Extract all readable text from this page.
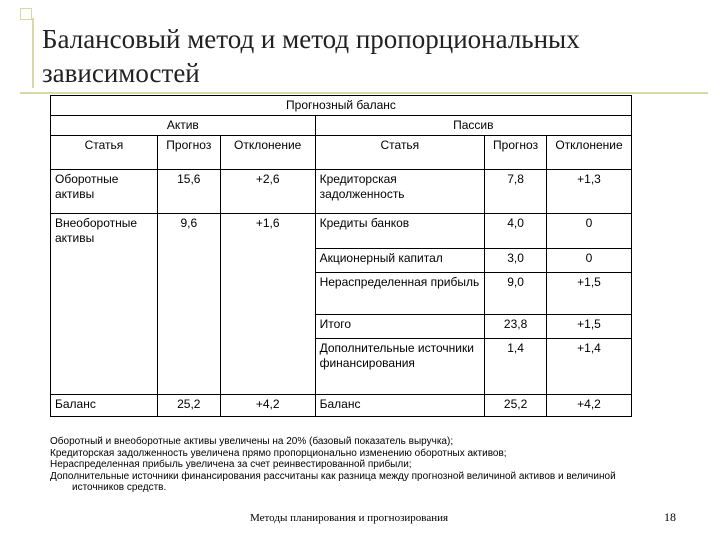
Балансовый метод и метод пропорциональных зависимостей
Прогнозный баланс					
Актив			Пассив		
Статья	Прогноз	Отклонение	Статья	Прогноз	Отклонение
Оборотные активы	15,6	+2,6	Кредиторская задолженность	7,8	+1,3
Внеоборотные активы	9,6	+1,6	Кредиты банков	4,0	0
			Акционерный капитал	3,0	0
			Нераспределенная прибыль	9,0	+1,5
			Итого	23,8	+1,5
			Дополнительные источники финансирования	1,4	+1,4
Баланс	25,2	+4,2	Баланс	25,2	+4,2

Оборотный и внеоборотные активы увеличены на 20% (базовый показатель выручка);

Кредиторская задолженность увеличена прямо пропорционально изменению оборотных активов;

Нераспределенная прибыль увеличена за счет реинвестированной прибыли;

Дополнительные источники финансирования рассчитаны как разница между прогнозной величиной активов и величиной

источников средств.

Методы планирования и прогнозирования	18
